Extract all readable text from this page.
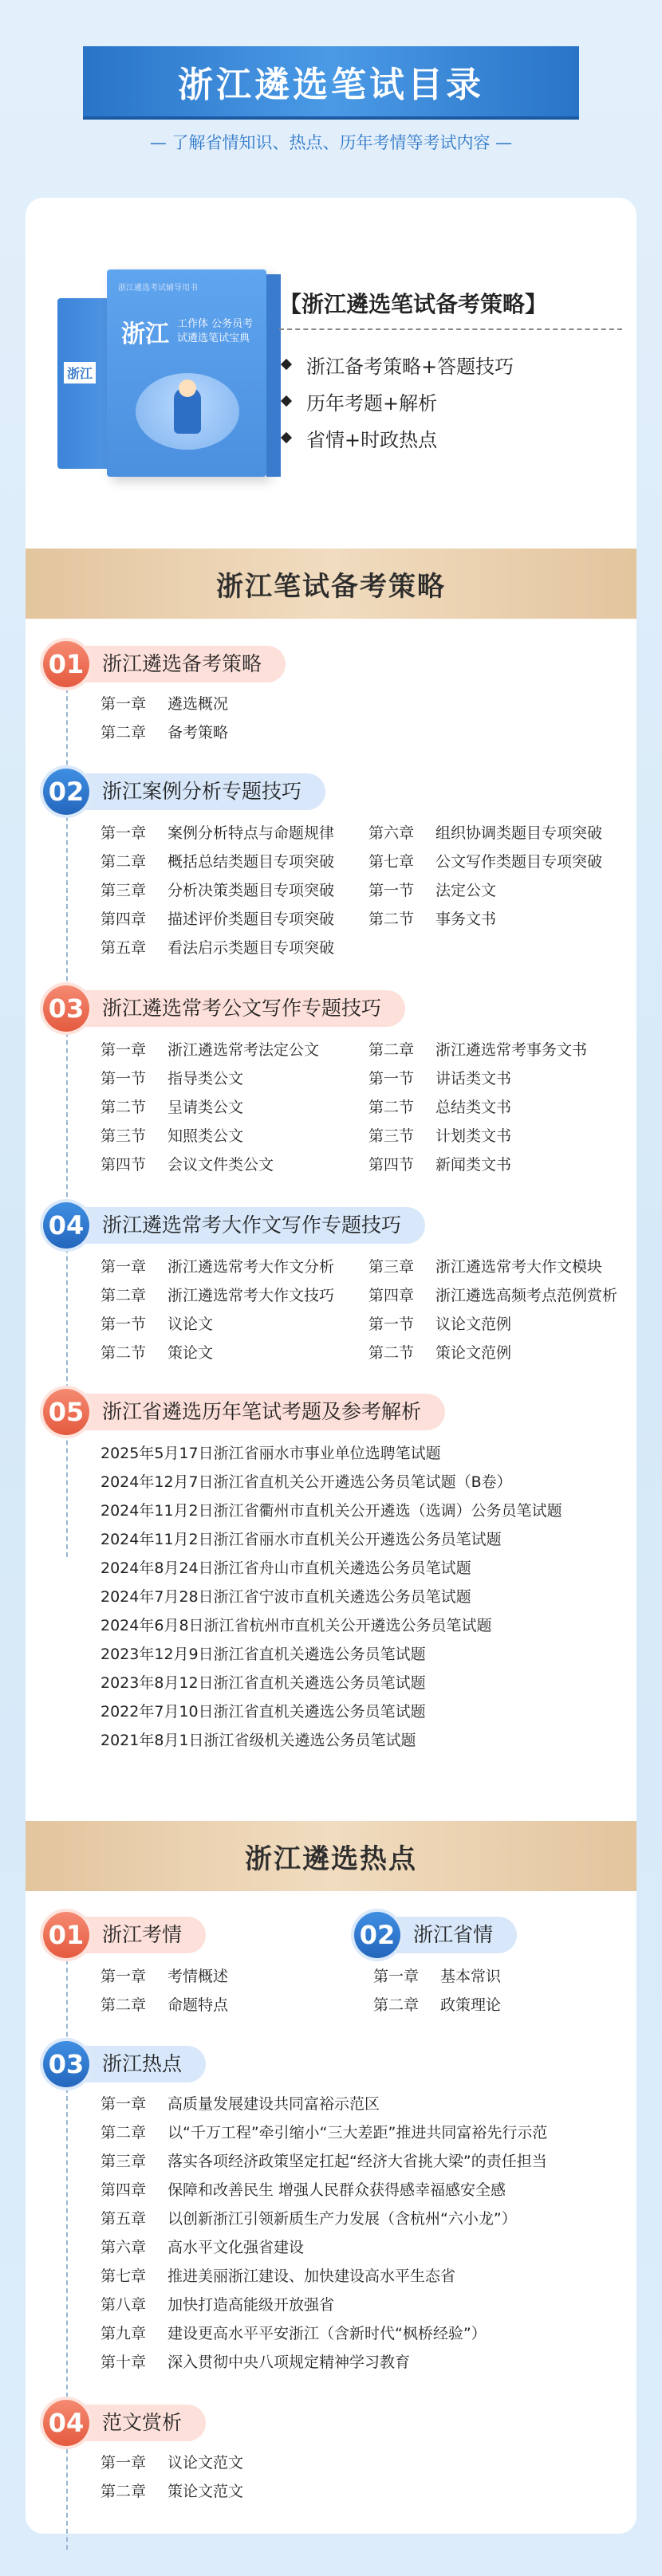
浙江遴选笔试目录
— 了解省情知识、热点、历年考情等考试内容 —
浙江
浙江遴选考试辅导用书
浙江 工作体 公务员考试遴选笔试宝典
【浙江遴选笔试备考策略】
浙江备考策略+答题技巧
历年考题+解析
省情+时政热点
浙江笔试备考策略
01 浙江遴选备考策略
第一章 遴选概况
第二章 备考策略
02 浙江案例分析专题技巧
第一章 案例分析特点与命题规律
第二章 概括总结类题目专项突破
第三章 分析决策类题目专项突破
第四章 描述评价类题目专项突破
第五章 看法启示类题目专项突破
第六章 组织协调类题目专项突破
第七章 公文写作类题目专项突破
第一节 法定公文
第二节 事务文书
03 浙江遴选常考公文写作专题技巧
第一章 浙江遴选常考法定公文
第一节 指导类公文
第二节 呈请类公文
第三节 知照类公文
第四节 会议文件类公文
第二章 浙江遴选常考事务文书
第一节 讲话类文书
第二节 总结类文书
第三节 计划类文书
第四节 新闻类文书
04 浙江遴选常考大作文写作专题技巧
第一章 浙江遴选常考大作文分析
第二章 浙江遴选常考大作文技巧
第一节 议论文
第二节 策论文
第三章 浙江遴选常考大作文模块
第四章 浙江遴选高频考点范例赏析
第一节 议论文范例
第二节 策论文范例
05 浙江省遴选历年笔试考题及参考解析
2025年5月17日浙江省丽水市事业单位选聘笔试题
2024年12月7日浙江省直机关公开遴选公务员笔试题（B卷）
2024年11月2日浙江省衢州市直机关公开遴选（选调）公务员笔试题
2024年11月2日浙江省丽水市直机关公开遴选公务员笔试题
2024年8月24日浙江省舟山市直机关遴选公务员笔试题
2024年7月28日浙江省宁波市直机关遴选公务员笔试题
2024年6月8日浙江省杭州市直机关公开遴选公务员笔试题
2023年12月9日浙江省直机关遴选公务员笔试题
2023年8月12日浙江省直机关遴选公务员笔试题
2022年7月10日浙江省直机关遴选公务员笔试题
2021年8月1日浙江省级机关遴选公务员笔试题
浙江遴选热点
01 浙江考情
第一章 考情概述
第二章 命题特点
02 浙江省情
第一章 基本常识
第二章 政策理论
03 浙江热点
第一章 高质量发展建设共同富裕示范区
第二章 以“千万工程”牵引缩小“三大差距”推进共同富裕先行示范
第三章 落实各项经济政策坚定扛起“经济大省挑大梁”的责任担当
第四章 保障和改善民生 增强人民群众获得感幸福感安全感
第五章 以创新浙江引领新质生产力发展（含杭州“六小龙”）
第六章 高水平文化强省建设
第七章 推进美丽浙江建设、加快建设高水平生态省
第八章 加快打造高能级开放强省
第九章 建设更高水平平安浙江（含新时代“枫桥经验”）
第十章 深入贯彻中央八项规定精神学习教育
04 范文赏析
第一章 议论文范文
第二章 策论文范文
